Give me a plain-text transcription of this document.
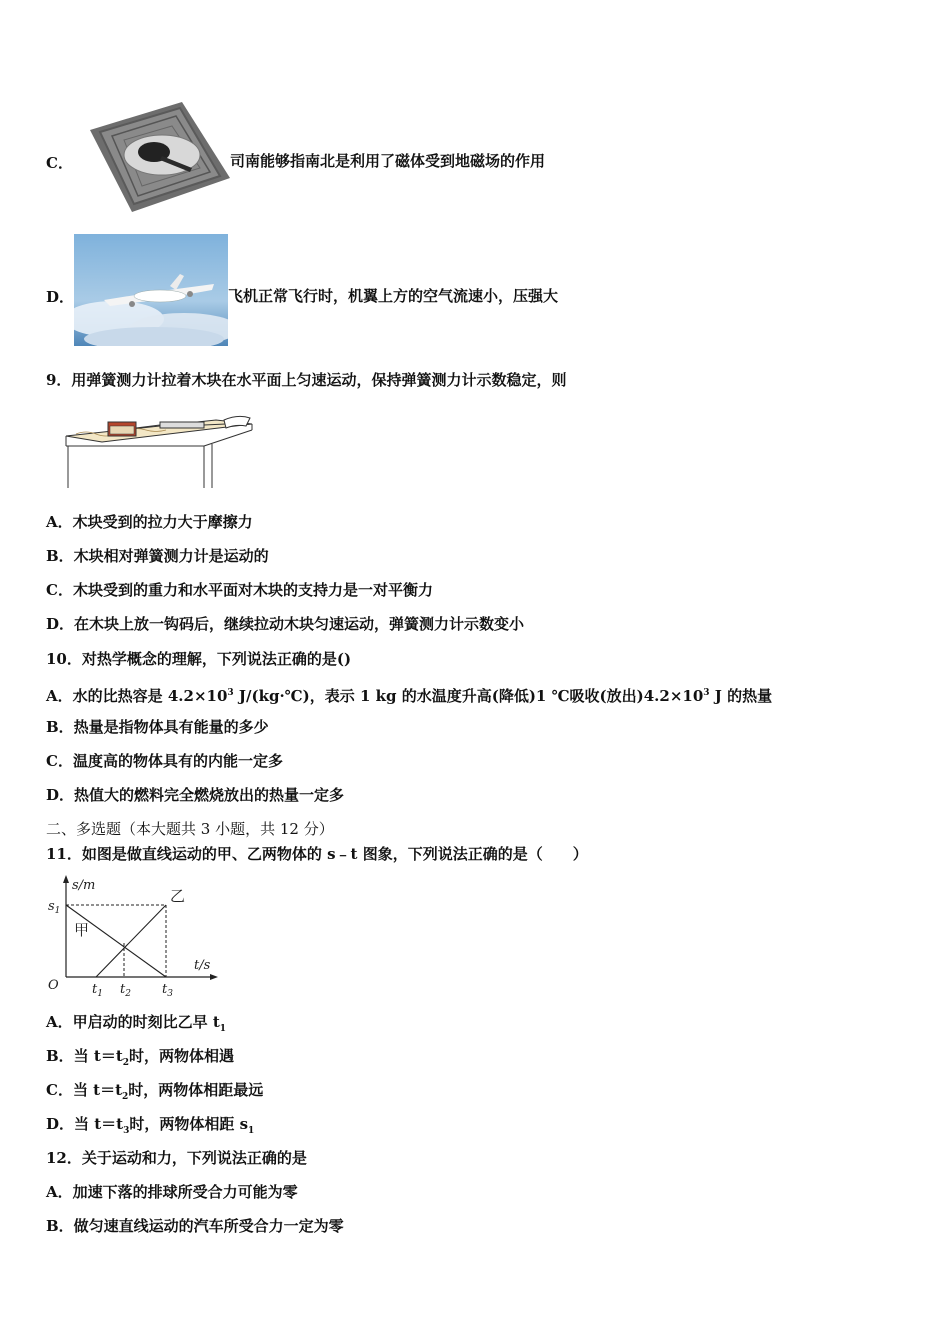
C．	司南能够指南北是利用了磁体受到地磁场的作用
D．	飞机正常飞行时，机翼上方的空气流速小，压强大
9．用弹簧测力计拉着木块在水平面上匀速运动，保持弹簧测力计示数稳定，则
A．木块受到的拉力大于摩擦力
B．木块相对弹簧测力计是运动的
C．木块受到的重力和水平面对木块的支持力是一对平衡力
D．在木块上放一钩码后，继续拉动木块匀速运动，弹簧测力计示数变小
10．对热学概念的理解，下列说法正确的是()
A．水的比热容是 $4.2\times 10^3$ J/(kg·℃)，表示 1 kg 的水温度升高(降低)1 ℃吸收(放出)$4.2\times 10^3$ J 的热量
B．热量是指物体具有能量的多少
C．温度高的物体具有的内能一定多
D．热值大的燃料完全燃烧放出的热量一定多
二、多选题（本大题共 3 小题，共 12 分）
11．如图是做直线运动的甲、乙两物体的 s﹣t 图象，下列说法正确的是（　　）
s/m
t/s
O
$s_1$
甲
乙
$t_1$ $t_2$ $t_3$
A．甲启动的时刻比乙早 $t_1$
B．当 $t=t_2$时，两物体相遇
C．当 $t=t_2$时，两物体相距最远
D．当 $t=t_3$时，两物体相距 $s_1$
12．关于运动和力，下列说法正确的是
A．加速下落的排球所受合力可能为零
B．做匀速直线运动的汽车所受合力一定为零
